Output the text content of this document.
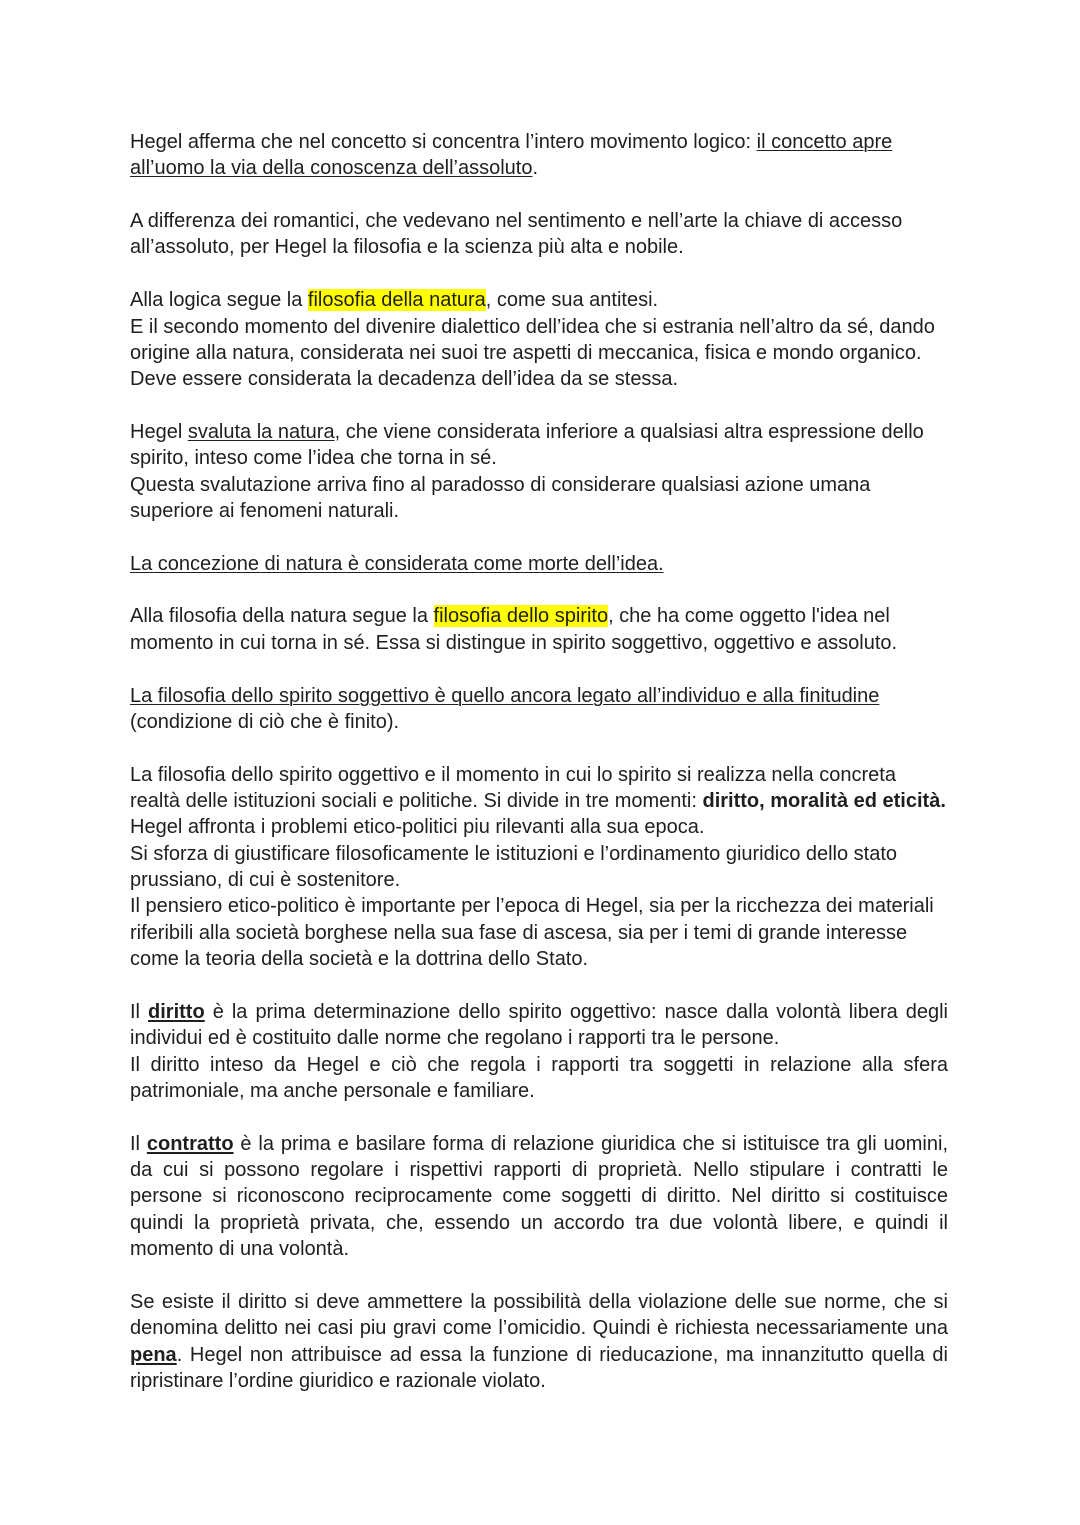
Hegel afferma che nel concetto si concentra l’intero movimento logico: il concetto apre
all’uomo la via della conoscenza dell’assoluto.
A differenza dei romantici, che vedevano nel sentimento e nell’arte la chiave di accesso
all’assoluto, per Hegel la filosofia e la scienza più alta e nobile.
Alla logica segue la filosofia della natura, come sua antitesi.
E il secondo momento del divenire dialettico dell’idea che si estrania nell’altro da sé, dando
origine alla natura, considerata nei suoi tre aspetti di meccanica, fisica e mondo organico.
Deve essere considerata la decadenza dell’idea da se stessa.
Hegel svaluta la natura, che viene considerata inferiore a qualsiasi altra espressione dello
spirito, inteso come l’idea che torna in sé.
Questa svalutazione arriva fino al paradosso di considerare qualsiasi azione umana
superiore ai fenomeni naturali.
La concezione di natura è considerata come morte dell’idea.
Alla filosofia della natura segue la filosofia dello spirito, che ha come oggetto l'idea nel
momento in cui torna in sé. Essa si distingue in spirito soggettivo, oggettivo e assoluto.
La filosofia dello spirito soggettivo è quello ancora legato all’individuo e alla finitudine
(condizione di ciò che è finito).
La filosofia dello spirito oggettivo e il momento in cui lo spirito si realizza nella concreta
realtà delle istituzioni sociali e politiche. Si divide in tre momenti: diritto, moralità ed eticità.
Hegel affronta i problemi etico-politici piu rilevanti alla sua epoca.
Si sforza di giustificare filosoficamente le istituzioni e l’ordinamento giuridico dello stato
prussiano, di cui è sostenitore.
Il pensiero etico-politico è importante per l’epoca di Hegel, sia per la ricchezza dei materiali
riferibili alla società borghese nella sua fase di ascesa, sia per i temi di grande interesse
come la teoria della società e la dottrina dello Stato.
Il diritto è la prima determinazione dello spirito oggettivo: nasce dalla volontà libera degli
individui ed è costituito dalle norme che regolano i rapporti tra le persone.
Il diritto inteso da Hegel e ciò che regola i rapporti tra soggetti in relazione alla sfera
patrimoniale, ma anche personale e familiare.
Il contratto è la prima e basilare forma di relazione giuridica che si istituisce tra gli uomini,
da cui si possono regolare i rispettivi rapporti di proprietà. Nello stipulare i contratti le
persone si riconoscono reciprocamente come soggetti di diritto. Nel diritto si costituisce
quindi la proprietà privata, che, essendo un accordo tra due volontà libere, e quindi il
momento di una volontà.
Se esiste il diritto si deve ammettere la possibilità della violazione delle sue norme, che si
denomina delitto nei casi piu gravi come l’omicidio. Quindi è richiesta necessariamente una
pena. Hegel non attribuisce ad essa la funzione di rieducazione, ma innanzitutto quella di
ripristinare l’ordine giuridico e razionale violato.
